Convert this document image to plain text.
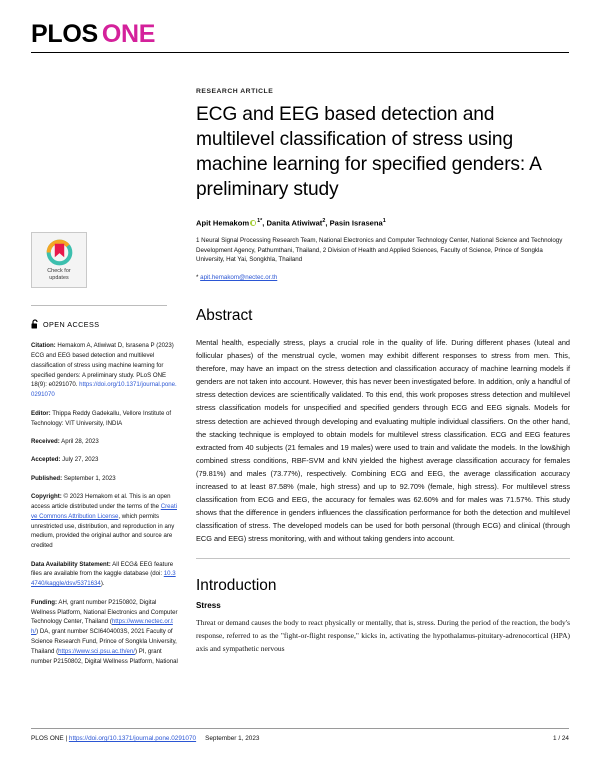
PLOS ONE
Check for
updates
OPEN ACCESS
Citation: Hemakom A, Atiwiwat D, Israsena P (2023) ECG and EEG based detection and multilevel classification of stress using machine learning for specified genders: A preliminary study. PLoS ONE 18(9): e0291070. https://doi.org/10.1371/journal.pone.0291070
Editor: Thippa Reddy Gadekallu, Vellore Institute of Technology: VIT University, INDIA
Received: April 28, 2023
Accepted: July 27, 2023
Published: September 1, 2023
Copyright: © 2023 Hemakom et al. This is an open access article distributed under the terms of the Creative Commons Attribution License, which permits unrestricted use, distribution, and reproduction in any medium, provided the original author and source are credited
Data Availability Statement: All ECG& EEG feature files are available from the kaggle database (doi: 10.34740/kaggle/dsv/5371634).
Funding: AH, grant number P2150802, Digital Wellness Platform, National Electronics and Computer Technology Center, Thailand (https://www.nectec.or.th/) DA, grant number SCI6404003S, 2021 Faculty of Science Research Fund, Prince of Songkla University, Thailand (https://www.sci.psu.ac.th/en/) PI, grant number P2150802, Digital Wellness Platform, National
RESEARCH ARTICLE
ECG and EEG based detection and multilevel classification of stress using machine learning for specified genders: A preliminary study
Apit Hemakom $^{1*}$, Danita Atiwiwat$^2$, Pasin Israsena$^1$
1 Neural Signal Processing Research Team, National Electronics and Computer Technology Center, National Science and Technology Development Agency, Pathumthani, Thailand, 2 Division of Health and Applied Sciences, Faculty of Science, Prince of Songkla University, Hat Yai, Songkhla, Thailand
* apit.hemakom@nectec.or.th
Abstract
Mental health, especially stress, plays a crucial role in the quality of life. During different phases (luteal and follicular phases) of the menstrual cycle, women may exhibit different responses to stress from men. This, therefore, may have an impact on the stress detection and classification accuracy of machine learning models if genders are not taken into account. However, this has never been investigated before. In addition, only a handful of stress detection devices are scientifically validated. To this end, this work proposes stress detection and multilevel stress classification models for unspecified and specified genders through ECG and EEG signals. Models for stress detection are achieved through developing and evaluating multiple individual classifiers. On the other hand, the stacking technique is employed to obtain models for multilevel stress classification. ECG and EEG features extracted from 40 subjects (21 females and 19 males) were used to train and validate the models. In the low&high combined stress conditions, RBF-SVM and kNN yielded the highest average classification accuracy for females (79.81%) and males (73.77%), respectively. Combining ECG and EEG, the average classification accuracy increased to at least 87.58% (male, high stress) and up to 92.70% (female, high stress). For multilevel stress classification from ECG and EEG, the accuracy for females was 62.60% and for males was 71.57%. This study shows that the difference in genders influences the classification performance for both the detection and multilevel classification of stress. The developed models can be used for both personal (through ECG) and clinical (through ECG and EEG) stress monitoring, with and without taking genders into account.
Introduction
Stress
Threat or demand causes the body to react physically or mentally, that is, stress. During the period of the reaction, the body's response, referred to as the "fight-or-flight response," kicks in, activating the hypothalamus-pituitary-adrenocortical (HPA) axis and sympathetic nervous
PLOS ONE | https://doi.org/10.1371/journal.pone.0291070 September 1, 2023	1 / 24
